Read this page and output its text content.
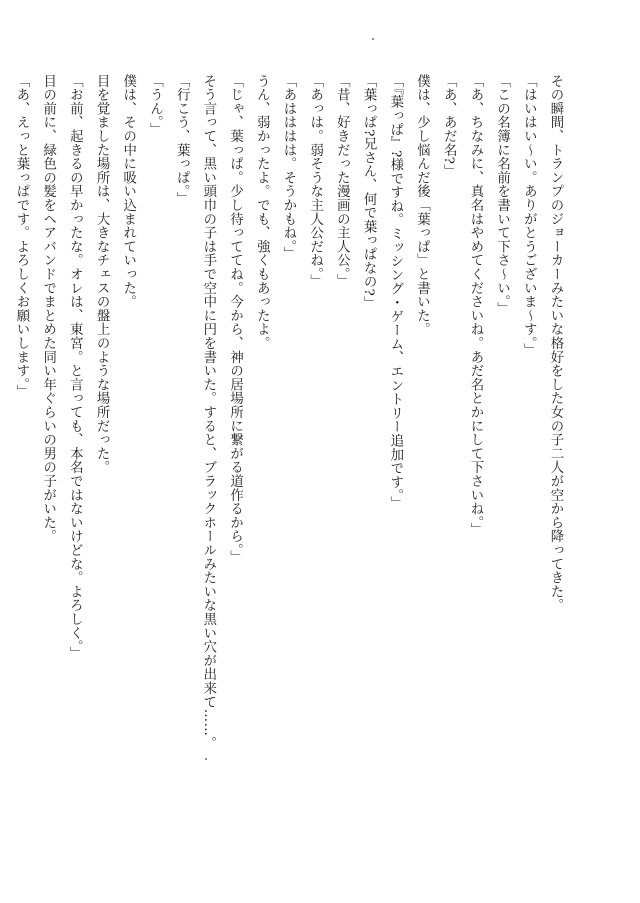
その瞬間、トランプのジョーカーみたいな格好をした女の子二人が空から降ってきた。
「はいはい〜い。ありがとうございま〜す。」
「この名簿に名前を書いて下さ〜い。」
「あ、ちなみに、真名はやめてくださいね。あだ名とかにして下さいね。」
「あ、あだ名?」
僕は、少し悩んだ後「葉っぱ」と書いた。
「『葉っぱ』?様ですね。ミッシング・ゲーム、エントリー追加です。」
「葉っぱ?兄さん、何で葉っぱなの?」
「昔、好きだった漫画の主人公。」
「あっは。弱そうな主人公だね。」
「あはははは。そうかもね。」
うん、弱かったよ。でも、強くもあったよ。
「じゃ、葉っぱ。少し待っててね。今から、神の居場所に繋がる道作るから。」
そう言って、黒い頭巾の子は手で空中に円を書いた。すると、ブラックホールみたいな黒い穴が出来て……。
「行こう、葉っぱ。」
「うん。」
僕は、その中に吸い込まれていった。
目を覚ました場所は、大きなチェスの盤上のような場所だった。
「お前、起きるの早かったな。オレは、東宮。と言っても、本名ではないけどな。よろしく。」
目の前に、緑色の髪をヘアバンドでまとめた同い年ぐらいの男の子がいた。
「あ、えっと葉っぱです。よろしくお願いします。」
